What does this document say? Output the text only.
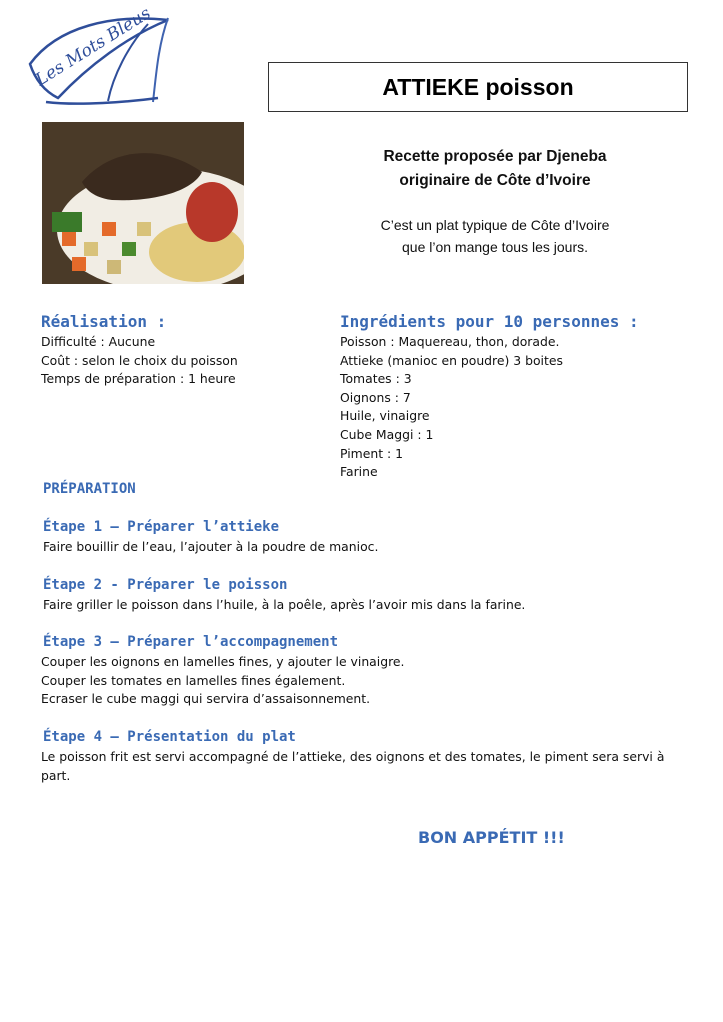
Les Mots Bleus	ATTIEKE poisson
Recette proposée par Djeneba
originaire de Côte d’Ivoire
C’est un plat typique de Côte d’Ivoire
que l’on mange tous les jours.
Réalisation :
Difficulté : Aucune
Coût : selon le choix du poisson
Temps de préparation : 1 heure
Ingrédients pour 10 personnes :
Poisson : Maquereau, thon, dorade.
Attieke (manioc en poudre) 3 boites
Tomates : 3
Oignons : 7
Huile, vinaigre
Cube Maggi : 1
Piment : 1
Farine
PRÉPARATION
Étape 1 – Préparer l’attieke
Faire bouillir de l’eau, l’ajouter à la poudre de manioc.
Étape 2 - Préparer le poisson
Faire griller le poisson dans l’huile, à la poêle, après l’avoir mis dans la farine.
Étape 3 – Préparer l’accompagnement
Couper les oignons en lamelles fines, y ajouter le vinaigre.
Couper les tomates en lamelles fines également.
Ecraser le cube maggi qui servira d’assaisonnement.
Étape 4 – Présentation du plat
Le poisson frit est servi accompagné de l’attieke, des oignons et des tomates, le piment sera servi à part.
BON APPÉTIT !!!
